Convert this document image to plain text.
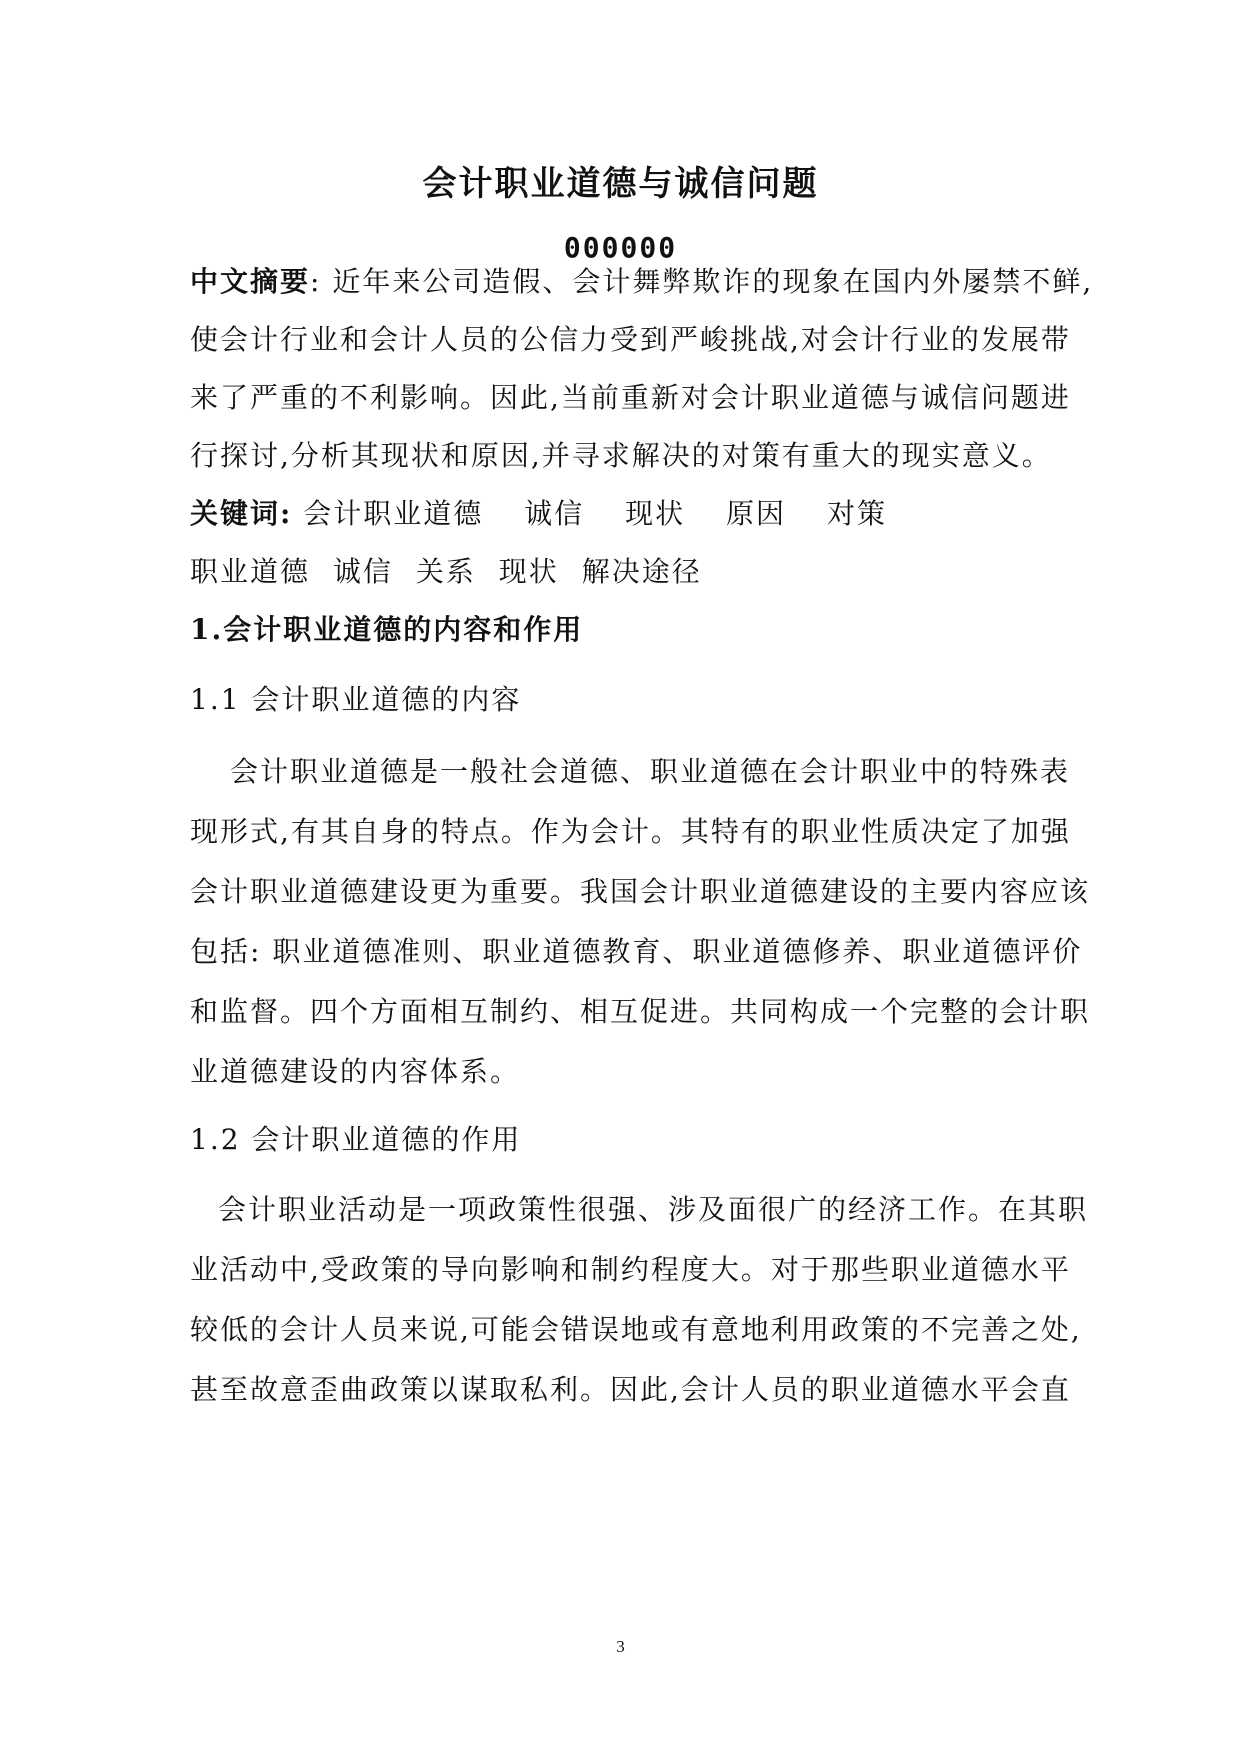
会计职业道德与诚信问题
000000
中文摘要: 近年来公司造假、会计舞弊欺诈的现象在国内外屡禁不鲜,
使会计行业和会计人员的公信力受到严峻挑战,对会计行业的发展带
来了严重的不利影响。因此,当前重新对会计职业道德与诚信问题进
行探讨,分析其现状和原因,并寻求解决的对策有重大的现实意义。
关键词: 会计职业道德 诚信 现状 原因 对策
职业道德 诚信 关系 现状 解决途径
1.会计职业道德的内容和作用
1.1 会计职业道德的内容
会计职业道德是一般社会道德、职业道德在会计职业中的特殊表
现形式,有其自身的特点。作为会计。其特有的职业性质决定了加强
会计职业道德建设更为重要。我国会计职业道德建设的主要内容应该
包括: 职业道德准则、职业道德教育、职业道德修养、职业道德评价
和监督。四个方面相互制约、相互促进。共同构成一个完整的会计职
业道德建设的内容体系。
1.2 会计职业道德的作用
会计职业活动是一项政策性很强、涉及面很广的经济工作。在其职
业活动中,受政策的导向影响和制约程度大。对于那些职业道德水平
较低的会计人员来说,可能会错误地或有意地利用政策的不完善之处,
甚至故意歪曲政策以谋取私利。因此,会计人员的职业道德水平会直
3
